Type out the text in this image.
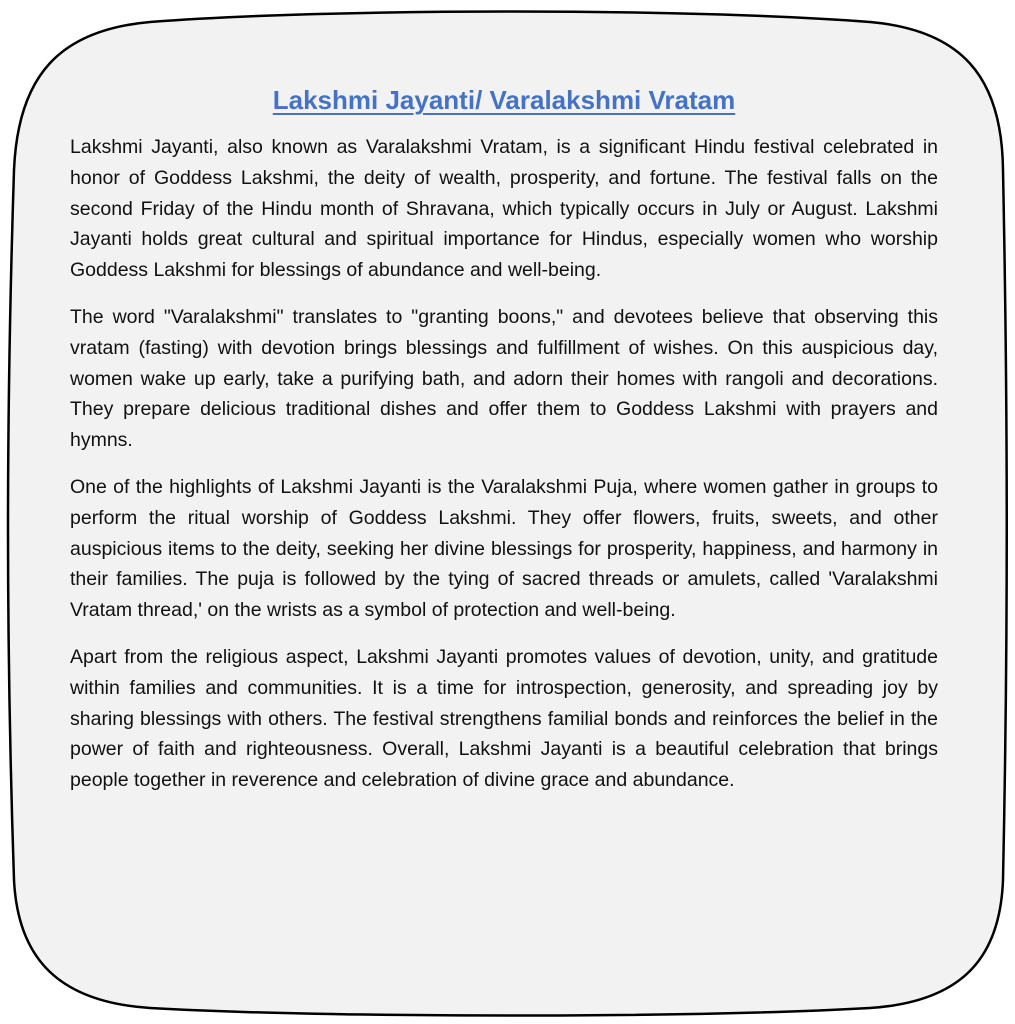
Lakshmi Jayanti/ Varalakshmi Vratam

Lakshmi Jayanti, also known as Varalakshmi Vratam, is a significant Hindu festival celebrated in honor of Goddess Lakshmi, the deity of wealth, prosperity, and fortune. The festival falls on the second Friday of the Hindu month of Shravana, which typically occurs in July or August. Lakshmi Jayanti holds great cultural and spiritual importance for Hindus, especially women who worship Goddess Lakshmi for blessings of abundance and well-being.

The word "Varalakshmi" translates to "granting boons," and devotees believe that observing this vratam (fasting) with devotion brings blessings and fulfillment of wishes. On this auspicious day, women wake up early, take a purifying bath, and adorn their homes with rangoli and decorations. They prepare delicious traditional dishes and offer them to Goddess Lakshmi with prayers and hymns.

One of the highlights of Lakshmi Jayanti is the Varalakshmi Puja, where women gather in groups to perform the ritual worship of Goddess Lakshmi. They offer flowers, fruits, sweets, and other auspicious items to the deity, seeking her divine blessings for prosperity, happiness, and harmony in their families. The puja is followed by the tying of sacred threads or amulets, called 'Varalakshmi Vratam thread,' on the wrists as a symbol of protection and well-being.

Apart from the religious aspect, Lakshmi Jayanti promotes values of devotion, unity, and gratitude within families and communities. It is a time for introspection, generosity, and spreading joy by sharing blessings with others. The festival strengthens familial bonds and reinforces the belief in the power of faith and righteousness. Overall, Lakshmi Jayanti is a beautiful celebration that brings people together in reverence and celebration of divine grace and abundance.
